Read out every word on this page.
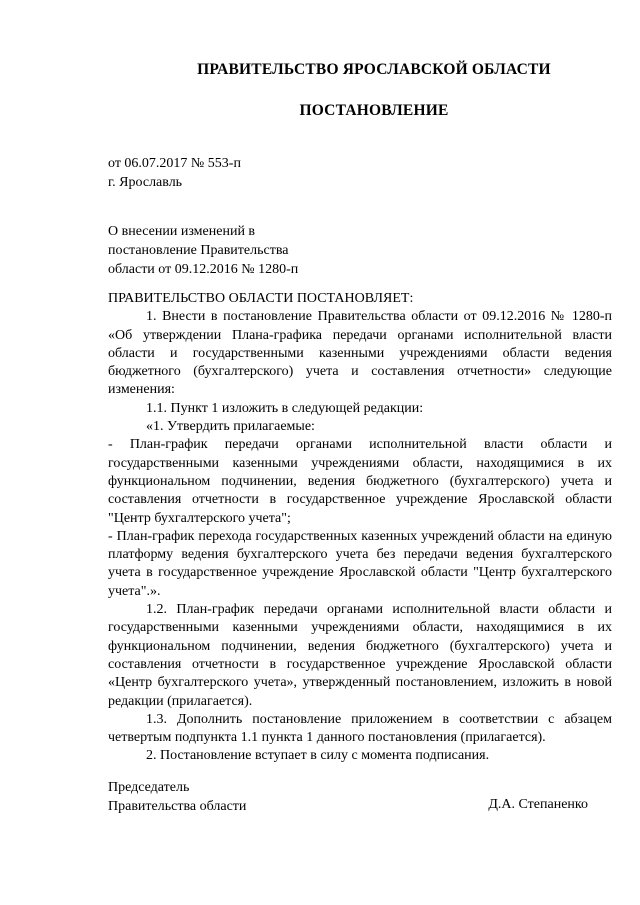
ПРАВИТЕЛЬСТВО ЯРОСЛАВСКОЙ ОБЛАСТИ
ПОСТАНОВЛЕНИЕ
от 06.07.2017 № 553-п
г. Ярославль
О внесении изменений в
постановление Правительства
области от 09.12.2016 № 1280-п

ПРАВИТЕЛЬСТВО ОБЛАСТИ ПОСТАНОВЛЯЕТ:

1. Внести в постановление Правительства области от 09.12.2016 № 1280-п «Об утверждении Плана-графика передачи органами исполнительной власти области и государственными казенными учреждениями области ведения бюджетного (бухгалтерского) учета и составления отчетности» следующие изменения:

1.1. Пункт 1 изложить в следующей редакции:

«1. Утвердить прилагаемые:

- План-график передачи органами исполнительной власти области и государственными казенными учреждениями области, находящимися в их функциональном подчинении, ведения бюджетного (бухгалтерского) учета и составления отчетности в государственное учреждение Ярославской области "Центр бухгалтерского учета";

- План-график перехода государственных казенных учреждений области на единую платформу ведения бухгалтерского учета без передачи ведения бухгалтерского учета в государственное учреждение Ярославской области "Центр бухгалтерского учета".».

1.2. План-график передачи органами исполнительной власти области и государственными казенными учреждениями области, находящимися в их функциональном подчинении, ведения бюджетного (бухгалтерского) учета и составления отчетности в государственное учреждение Ярославской области «Центр бухгалтерского учета», утвержденный постановлением, изложить в новой редакции (прилагается).

1.3. Дополнить постановление приложением в соответствии с абзацем четвертым подпункта 1.1 пункта 1 данного постановления (прилагается).

2. Постановление вступает в силу с момента подписания.

Председатель
Правительства области	Д.А. Степаненко
